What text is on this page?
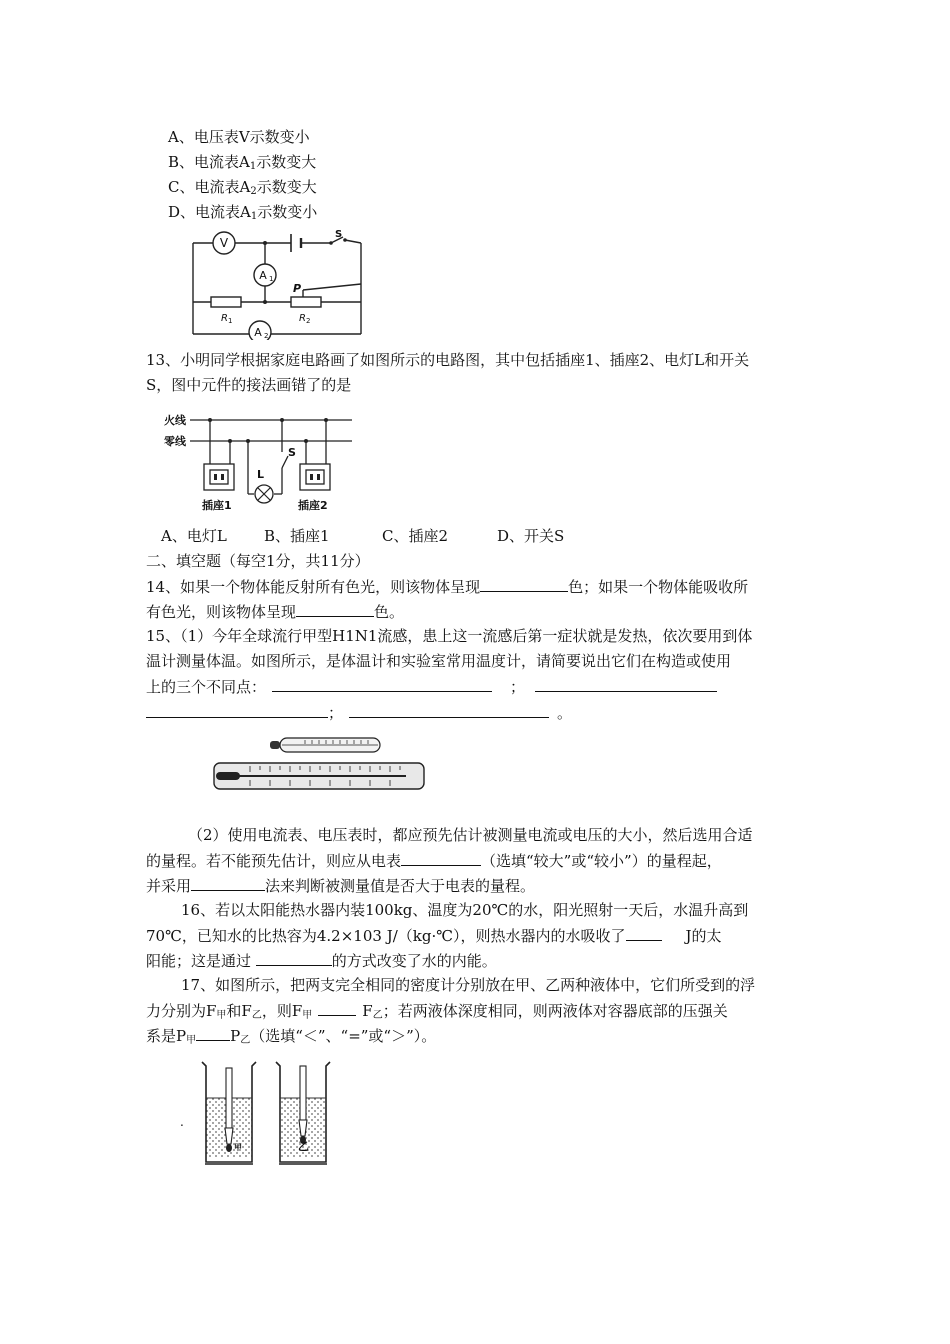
A、电压表V示数变小
B、电流表$A_1$示数变大
C、电流表$A_2$示数变大
D、电流表$A_1$示数变小
V
A 1
A 2
S
P
R 1	R 2
13、小明同学根据家庭电路画了如图所示的电路图，其中包括插座1、插座2、电灯L和开关
S，图中元件的接法画错了的是
火线
零线
L
S
插座1	插座2
A、电灯L B、插座1	C、插座2	D、开关S
二、填空题（每空1分，共11分）
14、如果一个物体能反射所有色光，则该物体呈现	色；如果一个物体能吸收所
有色光，则该物体呈现	色。
15、（1）今年全球流行甲型H1N1流感，患上这一流感后第一症状就是发热，依次要用到体
温计测量体温。如图所示，是体温计和实验室常用温度计，请简要说出它们在构造或使用
上的三个不同点：	；
；	。
（2）使用电流表、电压表时，都应预先估计被测量电流或电压的大小，然后选用合适
的量程。若不能预先估计，则应从电表	（选填“较大”或“较小”）的量程起，
并采用	法来判断被测量值是否大于电表的量程。
16、若以太阳能热水器内装100kg、温度为20℃的水，阳光照射一天后，水温升高到
70℃，已知水的比热容为4.2×103 J/（kg·℃），则热水器内的水吸收了	J的太
阳能；这是通过	的方式改变了水的内能。
17、如图所示，把两支完全相同的密度计分别放在甲、乙两种液体中，它们所受到的浮
力分别为$F_甲$和$F_乙$，则$F_甲$	$F_乙$；若两液体深度相同，则两液体对容器底部的压强关
系是$P_甲$ $P_乙$（选填“＜”、“=”或“＞”）。
.
甲	乙
